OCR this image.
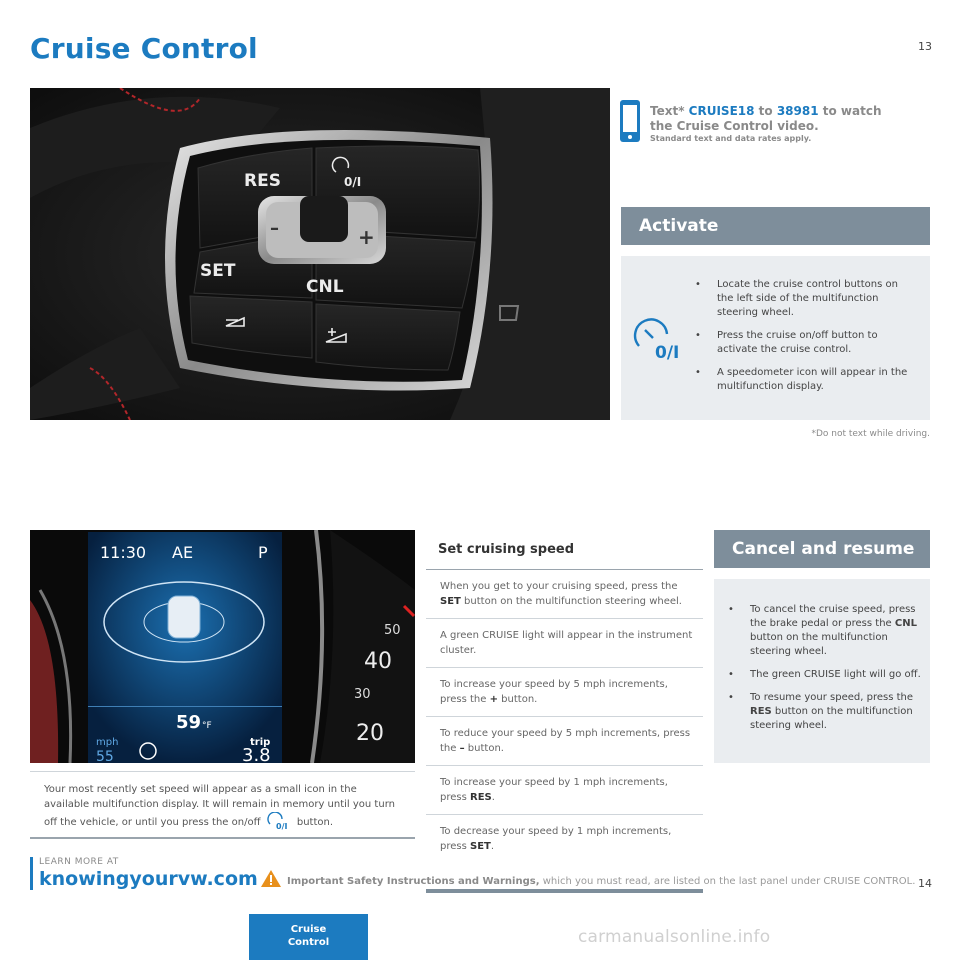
Cruise Control	13
RES
SET
CNL
0/I
–	+
Text* CRUISE18 to 38981 to watch
the Cruise Control video.
Standard text and data rates apply.
Activate
0/I
• Locate the cruise control buttons on the left side of the multifunction steering wheel.
• Press the cruise on/off button to activate the cruise control.
• A speedometer icon will appear in the multifunction display.
*Do not text while driving.
11:30 AE	P
59 °F
mph
55
trip
3.8
50
40
30
20
Your most recently set speed will appear as a small icon in the available multifunction display. It will remain in memory until you turn off the vehicle, or until you press the on/off 0/I button.
Set cruising speed
When you get to your cruising speed, press the SET button on the multifunction steering wheel.
A green CRUISE light will appear in the instrument cluster.
To increase your speed by 5 mph increments, press the + button.
To reduce your speed by 5 mph increments, press the – button.
To increase your speed by 1 mph increments, press RES.
To decrease your speed by 1 mph increments, press SET.
Cancel and resume
• To cancel the cruise speed, press the brake pedal or press the CNL button on the multifunction steering wheel.
• The green CRUISE light will go off.
• To resume your speed, press the RES button on the multifunction steering wheel.
LEARN MORE AT
knowingyourvw.com	Important Safety Instructions and Warnings, which you must read, are listed on the last panel under CRUISE CONTROL. 14
Cruise
Control	carmanualsonline.info
